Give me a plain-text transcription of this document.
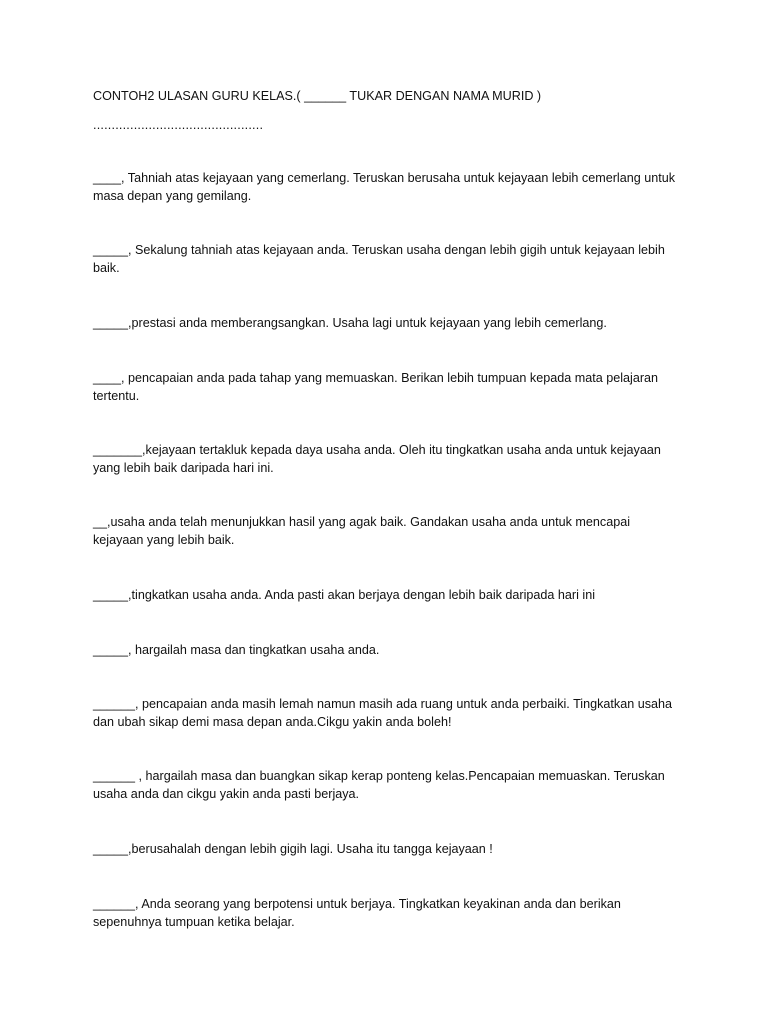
CONTOH2 ULASAN GURU KELAS.( ______ TUKAR DENGAN NAMA MURID )
..............................................

____, Tahniah atas kejayaan yang cemerlang. Teruskan berusaha untuk kejayaan lebih cemerlang untuk masa depan yang gemilang.

_____, Sekalung tahniah atas kejayaan anda. Teruskan usaha dengan lebih gigih untuk kejayaan lebih baik.

_____,prestasi anda memberangsangkan. Usaha lagi untuk kejayaan yang lebih cemerlang.

____, pencapaian anda pada tahap yang memuaskan. Berikan lebih tumpuan kepada mata pelajaran tertentu.

_______,kejayaan tertakluk kepada daya usaha anda. Oleh itu tingkatkan usaha anda untuk kejayaan yang lebih baik daripada hari ini.

__,usaha anda telah menunjukkan hasil yang agak baik. Gandakan usaha anda untuk mencapai kejayaan yang lebih baik.

_____,tingkatkan usaha anda. Anda pasti akan berjaya dengan lebih baik daripada hari ini

_____, hargailah masa dan tingkatkan usaha anda.

______, pencapaian anda masih lemah namun masih ada ruang untuk anda perbaiki. Tingkatkan usaha dan ubah sikap demi masa depan anda.Cikgu yakin anda boleh!

______ , hargailah masa dan buangkan sikap kerap ponteng kelas.Pencapaian memuaskan. Teruskan usaha anda dan cikgu yakin anda pasti berjaya.

_____,berusahalah dengan lebih gigih lagi. Usaha itu tangga kejayaan !

______, Anda seorang yang berpotensi untuk berjaya. Tingkatkan keyakinan anda dan berikan sepenuhnya tumpuan ketika belajar.
